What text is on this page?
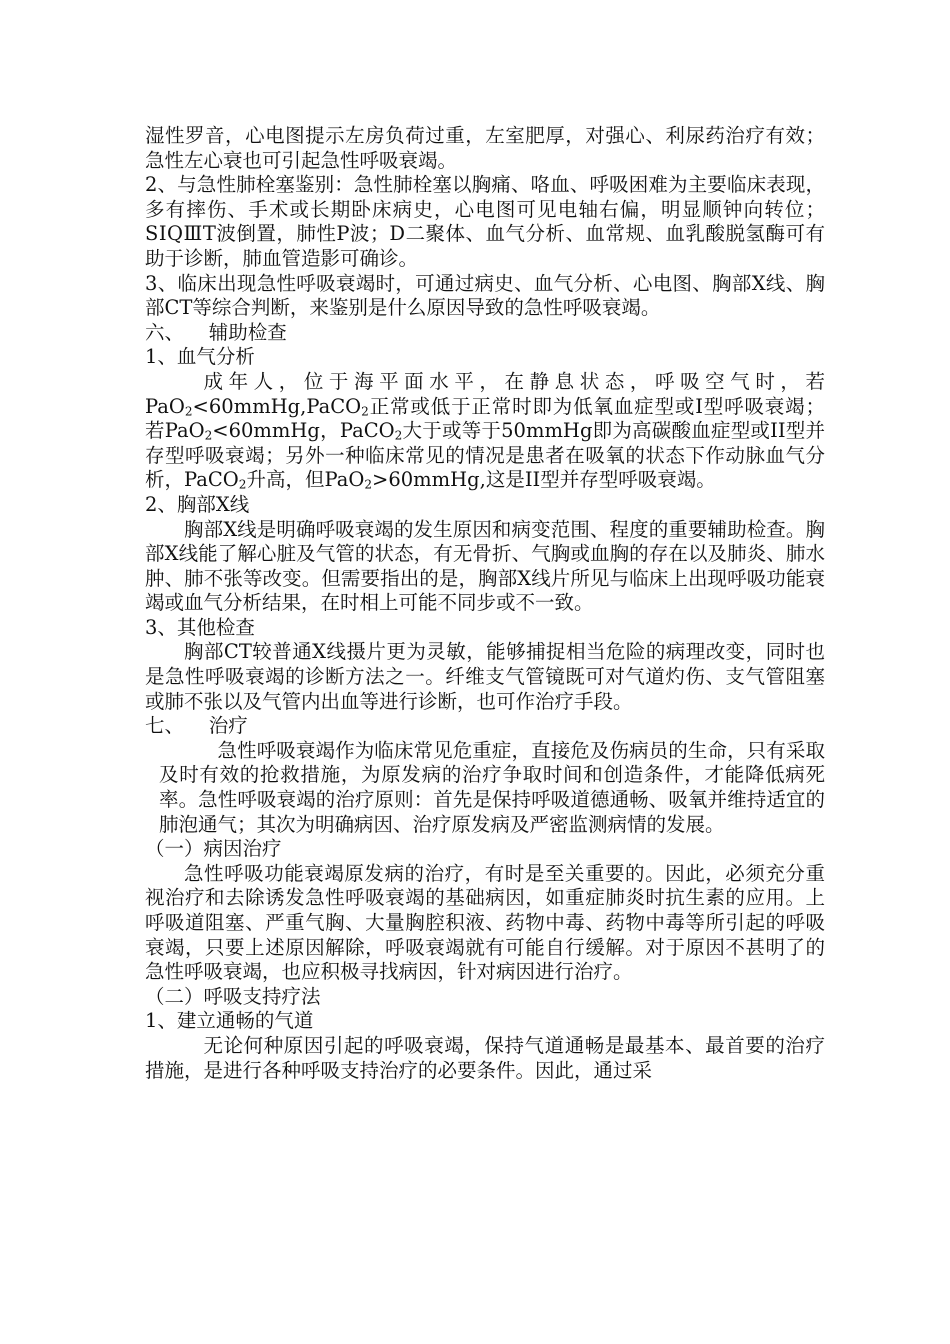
湿性罗音，心电图提示左房负荷过重，左室肥厚，对强心、利尿药治疗有效；急性左心衰也可引起急性呼吸衰竭。

2、与急性肺栓塞鉴别：急性肺栓塞以胸痛、咯血、呼吸困难为主要临床表现，多有摔伤、手术或长期卧床病史，心电图可见电轴右偏，明显顺钟向转位；SⅠQⅢT波倒置，肺性P波；D二聚体、血气分析、血常规、血乳酸脱氢酶可有助于诊断，肺血管造影可确诊。

3、临床出现急性呼吸衰竭时，可通过病史、血气分析、心电图、胸部X线、胸部CT等综合判断，来鉴别是什么原因导致的急性呼吸衰竭。

六、    辅助检查

1、血气分析

成年人，位于海平面水平，在静息状态，呼吸空气时，若PaO$_2$<60mmHg,PaCO$_2$正常或低于正常时即为低氧血症型或I型呼吸衰竭；若PaO$_2$<60mmHg，PaCO$_2$大于或等于50mmHg即为高碳酸血症型或II型并存型呼吸衰竭；另外一种临床常见的情况是患者在吸氧的状态下作动脉血气分析，PaCO$_2$升高，但PaO$_2$>60mmHg,这是II型并存型呼吸衰竭。

2、胸部X线

胸部X线是明确呼吸衰竭的发生原因和病变范围、程度的重要辅助检查。胸部X线能了解心脏及气管的状态，有无骨折、气胸或血胸的存在以及肺炎、肺水肿、肺不张等改变。但需要指出的是，胸部X线片所见与临床上出现呼吸功能衰竭或血气分析结果，在时相上可能不同步或不一致。

3、其他检查

胸部CT较普通X线摄片更为灵敏，能够捕捉相当危险的病理改变，同时也是急性呼吸衰竭的诊断方法之一。纤维支气管镜既可对气道灼伤、支气管阻塞或肺不张以及气管内出血等进行诊断，也可作治疗手段。

七、    治疗

急性呼吸衰竭作为临床常见危重症，直接危及伤病员的生命，只有采取及时有效的抢救措施，为原发病的治疗争取时间和创造条件，才能降低病死率。急性呼吸衰竭的治疗原则：首先是保持呼吸道德通畅、吸氧并维持适宜的肺泡通气；其次为明确病因、治疗原发病及严密监测病情的发展。

（一）病因治疗

急性呼吸功能衰竭原发病的治疗，有时是至关重要的。因此，必须充分重视治疗和去除诱发急性呼吸衰竭的基础病因，如重症肺炎时抗生素的应用。上呼吸道阻塞、严重气胸、大量胸腔积液、药物中毒、药物中毒等所引起的呼吸衰竭，只要上述原因解除，呼吸衰竭就有可能自行缓解。对于原因不甚明了的急性呼吸衰竭，也应积极寻找病因，针对病因进行治疗。

（二）呼吸支持疗法

1、建立通畅的气道

无论何种原因引起的呼吸衰竭，保持气道通畅是最基本、最首要的治疗措施，是进行各种呼吸支持治疗的必要条件。因此，通过采
